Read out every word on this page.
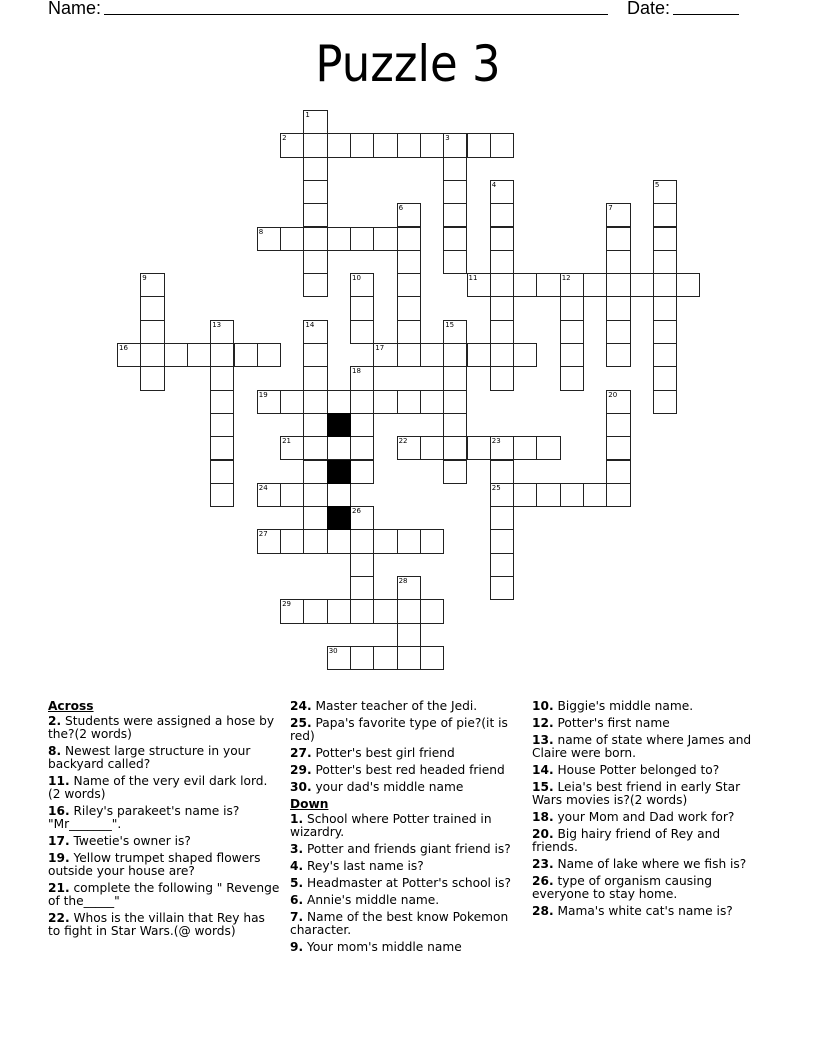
Name:	Date:
Puzzle 3
1
2	3
4	5
6	7
8
9	10	11	12
13	14	15
16	17
18
19	20
21	22	23
25
24
26
27
28
29
30
Across
2. Students were assigned a hose by the?(2 words)
8. Newest large structure in your backyard called?
11. Name of the very evil dark lord. (2 words)
16. Riley's parakeet's name is? "Mr_______".
17. Tweetie's owner is?
19. Yellow trumpet shaped flowers outside your house are?
21. complete the following " Revenge of the_____"
22. Whos is the villain that Rey has to fight in Star Wars.(@ words)
24. Master teacher of the Jedi.
25. Papa's favorite type of pie?(it is red)
27. Potter's best girl friend
29. Potter's best red headed friend
30. your dad's middle name
Down
1. School where Potter trained in wizardry.
3. Potter and friends giant friend is?
4. Rey's last name is?
5. Headmaster at Potter's school is?
6. Annie's middle name.
7. Name of the best know Pokemon character.
9. Your mom's middle name
10. Biggie's middle name.
12. Potter's first name
13. name of state where James and Claire were born.
14. House Potter belonged to?
15. Leia's best friend in early Star Wars movies is?(2 words)
18. your Mom and Dad work for?
20. Big hairy friend of Rey and friends.
23. Name of lake where we fish is?
26. type of organism causing everyone to stay home.
28. Mama's white cat's name is?
